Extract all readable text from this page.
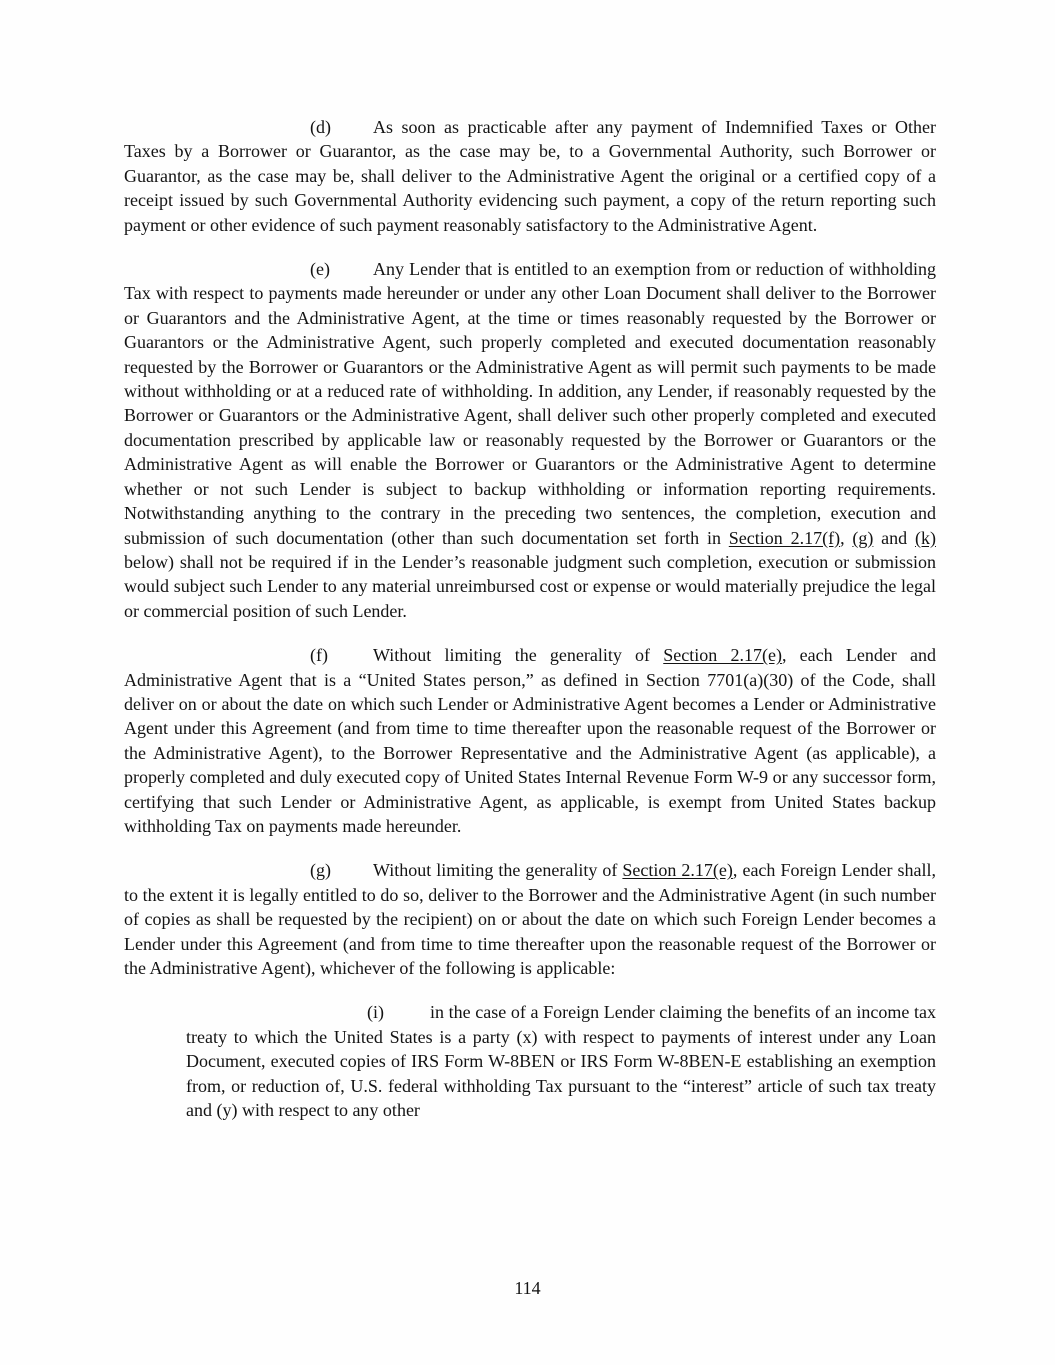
(d) As soon as practicable after any payment of Indemnified Taxes or Other Taxes by a Borrower or Guarantor, as the case may be, to a Governmental Authority, such Borrower or Guarantor, as the case may be, shall deliver to the Administrative Agent the original or a certified copy of a receipt issued by such Governmental Authority evidencing such payment, a copy of the return reporting such payment or other evidence of such payment reasonably satisfactory to the Administrative Agent.

(e) Any Lender that is entitled to an exemption from or reduction of withholding Tax with respect to payments made hereunder or under any other Loan Document shall deliver to the Borrower or Guarantors and the Administrative Agent, at the time or times reasonably requested by the Borrower or Guarantors or the Administrative Agent, such properly completed and executed documentation reasonably requested by the Borrower or Guarantors or the Administrative Agent as will permit such payments to be made without withholding or at a reduced rate of withholding. In addition, any Lender, if reasonably requested by the Borrower or Guarantors or the Administrative Agent, shall deliver such other properly completed and executed documentation prescribed by applicable law or reasonably requested by the Borrower or Guarantors or the Administrative Agent as will enable the Borrower or Guarantors or the Administrative Agent to determine whether or not such Lender is subject to backup withholding or information reporting requirements. Notwithstanding anything to the contrary in the preceding two sentences, the completion, execution and submission of such documentation (other than such documentation set forth in Section 2.17(f), (g) and (k) below) shall not be required if in the Lender’s reasonable judgment such completion, execution or submission would subject such Lender to any material unreimbursed cost or expense or would materially prejudice the legal or commercial position of such Lender.

(f)	Without limiting the generality of Section 2.17(e), each Lender and Administrative Agent that is a “United States person,” as defined in Section 7701(a)(30) of the Code, shall deliver on or about the date on which such Lender or Administrative Agent becomes a Lender or Administrative Agent under this Agreement (and from time to time thereafter upon the reasonable request of the Borrower or the Administrative Agent), to the Borrower Representative and the Administrative Agent (as applicable), a properly completed and duly executed copy of United States Internal Revenue Form W-9 or any successor form, certifying that such Lender or Administrative Agent, as applicable, is exempt from United States backup withholding Tax on payments made hereunder.

(g) Without limiting the generality of Section 2.17(e), each Foreign Lender shall, to the extent it is legally entitled to do so, deliver to the Borrower and the Administrative Agent (in such number of copies as shall be requested by the recipient) on or about the date on which such Foreign Lender becomes a Lender under this Agreement (and from time to time thereafter upon the reasonable request of the Borrower or the Administrative Agent), whichever of the following is applicable:

(i)	in the case of a Foreign Lender claiming the benefits of an income tax treaty to which the United States is a party (x) with respect to payments of interest under any Loan Document, executed copies of IRS Form W-8BEN or IRS Form W-8BEN-E establishing an exemption from, or reduction of, U.S. federal withholding Tax pursuant to the “interest” article of such tax treaty and (y) with respect to any other

114
